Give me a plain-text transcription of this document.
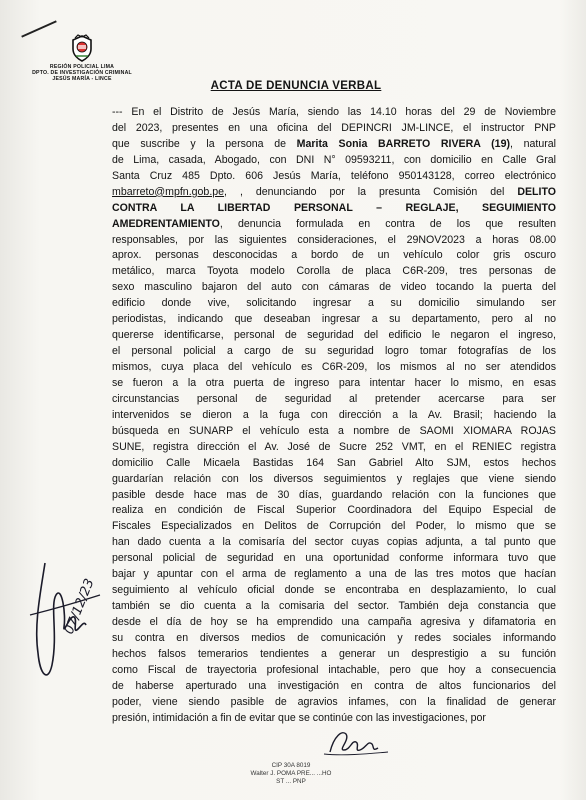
REGIÓN POLICIAL LIMA
DPTO. DE INVESTIGACIÓN CRIMINAL
JESÚS MARÍA - LINCE
ACTA DE DENUNCIA VERBAL
--- En el Distrito de Jesús María, siendo las 14.10 horas del 29 de Noviembre
del 2023, presentes en una oficina del DEPINCRI JM-LINCE, el instructor PNP
que suscribe y la persona de Marita Sonia BARRETO RIVERA (19), natural
de Lima, casada, Abogado, con DNI N° 09593211, con domicilio en Calle Gral
Santa Cruz 485 Dpto. 606 Jesús María, teléfono 950143128, correo electrónico
mbarreto@mpfn.gob.pe, , denunciando por la presunta Comisión del DELITO
CONTRA LA LIBERTAD PERSONAL – REGLAJE, SEGUIMIENTO
AMEDRENTAMIENTO, denuncia formulada en contra de los que resulten
responsables, por las siguientes consideraciones, el 29NOV2023 a horas 08.00
aprox. personas desconocidas a bordo de un vehículo color gris oscuro
metálico, marca Toyota modelo Corolla de placa C6R-209, tres personas de
sexo masculino bajaron del auto con cámaras de video tocando la puerta del
edificio donde vive, solicitando ingresar a su domicilio simulando ser
periodistas, indicando que deseaban ingresar a su departamento, pero al no
quererse identificarse, personal de seguridad del edificio le negaron el ingreso,
el personal policial a cargo de su seguridad logro tomar fotografías de los
mismos, cuya placa del vehículo es C6R-209, los mismos al no ser atendidos
se fueron a la otra puerta de ingreso para intentar hacer lo mismo, en esas
circunstancias personal de seguridad al pretender acercarse para ser
intervenidos se dieron a la fuga con dirección a la Av. Brasil; haciendo la
búsqueda en SUNARP el vehículo esta a nombre de SAOMI XIOMARA ROJAS
SUNE, registra dirección el Av. José de Sucre 252 VMT, en el RENIEC registra
domicilio Calle Micaela Bastidas 164 San Gabriel Alto SJM, estos hechos
guardarían relación con los diversos seguimientos y reglajes que viene siendo
pasible desde hace mas de 30 días, guardando relación con la funciones que
realiza en condición de Fiscal Superior Coordinadora del Equipo Especial de
Fiscales Especializados en Delitos de Corrupción del Poder, lo mismo que se
han dado cuenta a la comisaría del sector cuyas copias adjunta, a tal punto que
personal policial de seguridad en una oportunidad conforme informara tuvo que
bajar y apuntar con el arma de reglamento a una de las tres motos que hacían
seguimiento al vehículo oficial donde se encontraba en desplazamiento, lo cual
también se dio cuenta a la comisaria del sector. También deja constancia que
desde el día de hoy se ha emprendido una campaña agresiva y difamatoria en
su contra en diversos medios de comunicación y redes sociales informando
hechos falsos temerarios tendientes a generar un desprestigio a su función
como Fiscal de trayectoria profesional intachable, pero que hoy a consecuencia
de haberse aperturado una investigación en contra de altos funcionarios del
poder, viene siendo pasible de agravios infames, con la finalidad de generar
presión, intimidación a fin de evitar que se continúe con las investigaciones, por
07/12/23
CIP 30A 8019
Walter J. POMA PRE... ...HO
ST ... PNP
